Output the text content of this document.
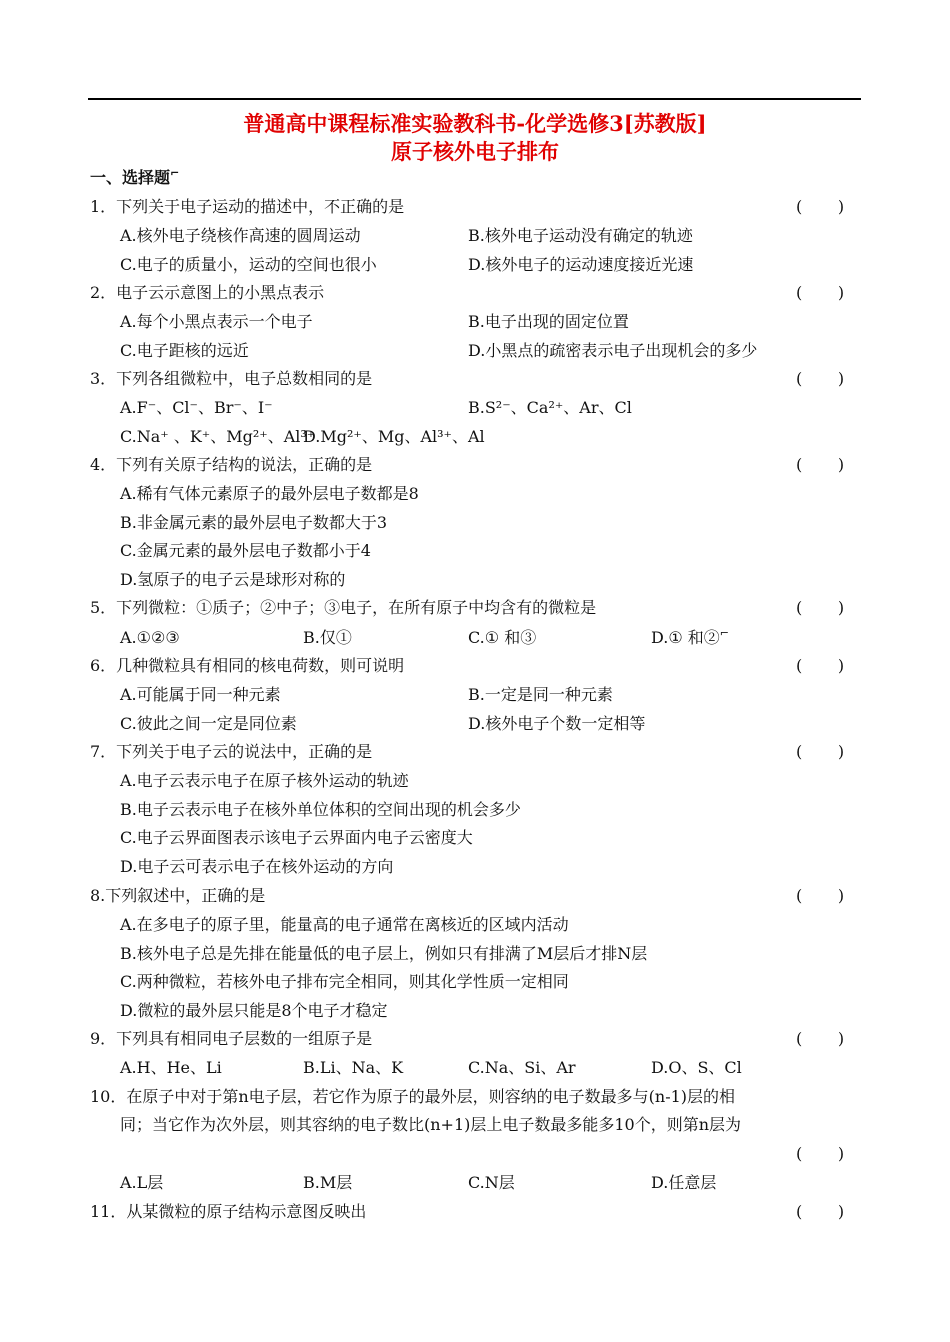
普通高中课程标准实验教科书-化学选修3[苏教版]
原子核外电子排布
一、选择题⌐
1．下列关于电子运动的描述中，不正确的是	(       )
A.核外电子绕核作高速的圆周运动	B.核外电子运动没有确定的轨迹
C.电子的质量小，运动的空间也很小	D.核外电子的运动速度接近光速
2．电子云示意图上的小黑点表示	(       )
A.每个小黑点表示一个电子	B.电子出现的固定位置
C.电子距核的远近	D.小黑点的疏密表示电子出现机会的多少
3．下列各组微粒中，电子总数相同的是	(       )
A.F⁻、Cl⁻、Br⁻、I⁻	B.S²⁻、Ca²⁺、Ar、Cl
C.Na⁺ 、K⁺、Mg²⁺、Al³⁺
D.Mg²⁺、Mg、Al³⁺、Al
4．下列有关原子结构的说法，正确的是	(       )
A.稀有气体元素原子的最外层电子数都是8
B.非金属元素的最外层电子数都大于3
C.金属元素的最外层电子数都小于4
D.氢原子的电子云是球形对称的
5．下列微粒：①质子；②中子；③电子，在所有原子中均含有的微粒是	(       )
A.①②③	B.仅①	C.① 和③	D.① 和②⌐
6．几种微粒具有相同的核电荷数，则可说明	(       )
A.可能属于同一种元素	B.一定是同一种元素
C.彼此之间一定是同位素	D.核外电子个数一定相等
7．下列关于电子云的说法中，正确的是	(       )
A.电子云表示电子在原子核外运动的轨迹
B.电子云表示电子在核外单位体积的空间出现的机会多少
C.电子云界面图表示该电子云界面内电子云密度大
D.电子云可表示电子在核外运动的方向
8.下列叙述中，正确的是	(       )
A.在多电子的原子里，能量高的电子通常在离核近的区域内活动
B.核外电子总是先排在能量低的电子层上，例如只有排满了M层后才排N层
C.两种微粒，若核外电子排布完全相同，则其化学性质一定相同
D.微粒的最外层只能是8个电子才稳定
9．下列具有相同电子层数的一组原子是	(       )
A.H、He、Li	B.Li、Na、K	C.Na、Si、Ar	D.O、S、Cl
10．在原子中对于第n电子层，若它作为原子的最外层，则容纳的电子数最多与(n-1)层的相
同；当它作为次外层，则其容纳的电子数比(n+1)层上电子数最多能多10个，则第n层为
(       )
A.L层	B.M层	C.N层	D.任意层
11．从某微粒的原子结构示意图反映出	(       )
